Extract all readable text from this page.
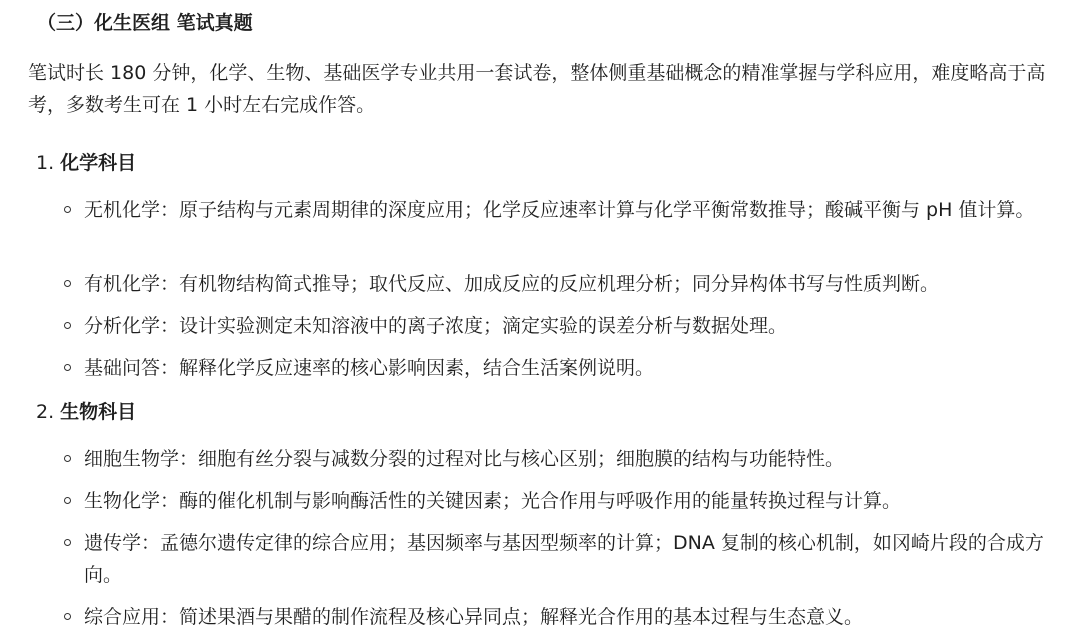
（三）化生医组 笔试真题
笔试时长 180 分钟，化学、生物、基础医学专业共用一套试卷，整体侧重基础概念的精准掌握与学科应用，难度略高于高考，多数考生可在 1 小时左右完成作答。
1. 化学科目
无机化学：原子结构与元素周期律的深度应用；化学反应速率计算与化学平衡常数推导；酸碱平衡与 pH 值计算。
有机化学：有机物结构简式推导；取代反应、加成反应的反应机理分析；同分异构体书写与性质判断。
分析化学：设计实验测定未知溶液中的离子浓度；滴定实验的误差分析与数据处理。
基础问答：解释化学反应速率的核心影响因素，结合生活案例说明。
2. 生物科目
细胞生物学：细胞有丝分裂与减数分裂的过程对比与核心区别；细胞膜的结构与功能特性。
生物化学：酶的催化机制与影响酶活性的关键因素；光合作用与呼吸作用的能量转换过程与计算。
遗传学：孟德尔遗传定律的综合应用；基因频率与基因型频率的计算；DNA 复制的核心机制，如冈崎片段的合成方向。
综合应用：简述果酒与果醋的制作流程及核心异同点；解释光合作用的基本过程与生态意义。
